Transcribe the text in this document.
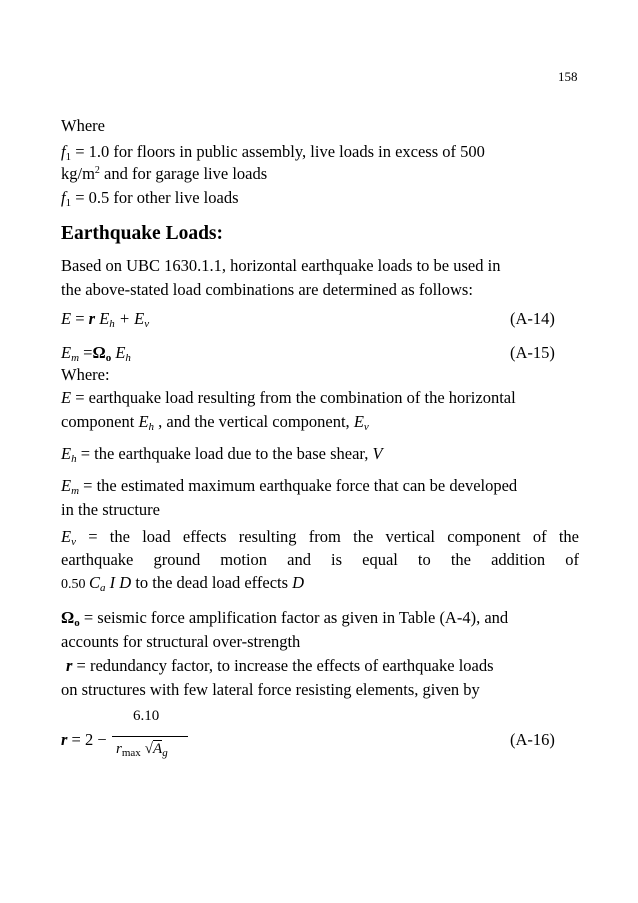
158
Where
$f_1 = 1.0$ for floors in public assembly, live loads in excess of 500
$kg/m^2$ and for garage live loads
$f_1 = 0.5$ for other live loads
Earthquake Loads:
Based on UBC 1630.1.1, horizontal earthquake loads to be used in
the above-stated load combinations are determined as follows:
E = r $E_h + E_v$	(A-14)
$E_m =\Omega_o$ $E_h$	(A-15)
Where:
E = earthquake load resulting from the combination of the horizontal
component $E_h$ , and the vertical component, $E_v$
$E_h$ = the earthquake load due to the base shear, V
$E_m$ = the estimated maximum earthquake force that can be developed
in the structure
$E_v$ = the load effects resulting from the vertical component of the
earthquake ground motion and is equal to the addition of
0.50 $C_a$ I D to the dead load effects D
$\Omega_o$ = seismic force amplification factor as given in Table (A-4), and
accounts for structural over-strength
r = redundancy factor, to increase the effects of earthquake loads
on structures with few lateral force resisting elements, given by
r = 2 −
6.10
$r_{max}$ $√A_g$
(A-16)
